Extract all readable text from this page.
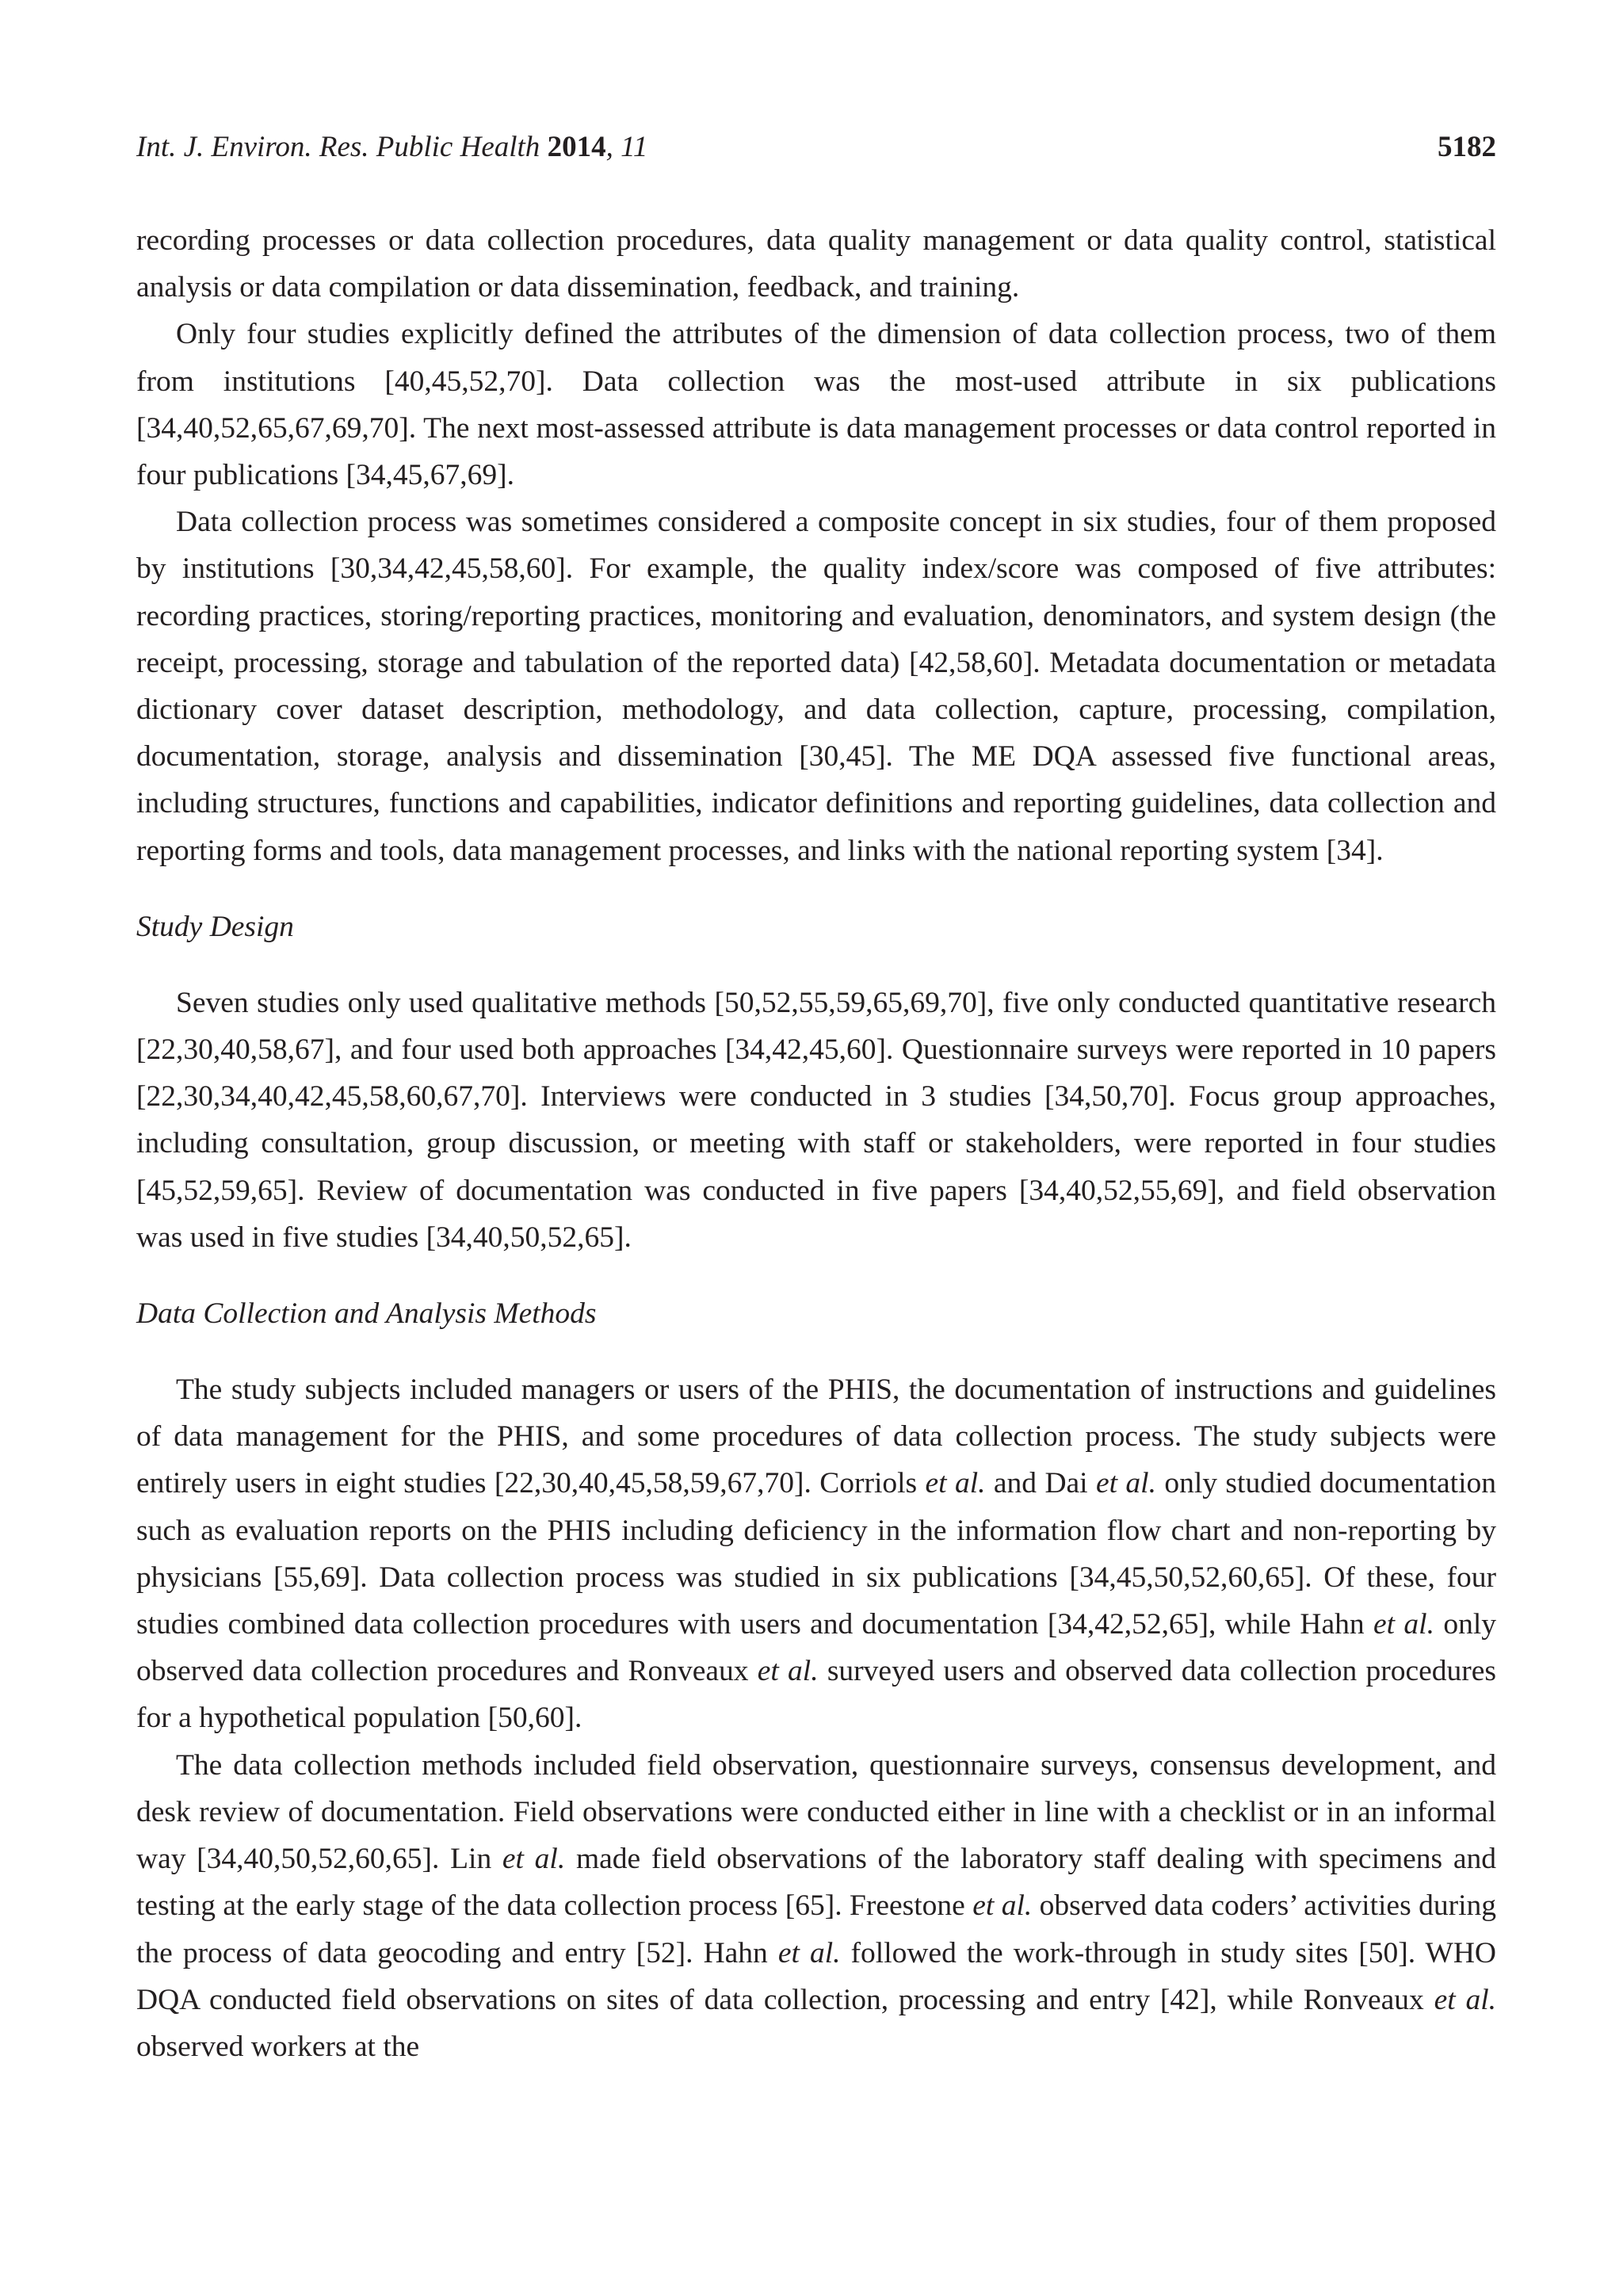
Int. J. Environ. Res. Public Health 2014, 11	5182

recording processes or data collection procedures, data quality management or data quality control, statistical analysis or data compilation or data dissemination, feedback, and training.

Only four studies explicitly defined the attributes of the dimension of data collection process, two of them from institutions [40,45,52,70]. Data collection was the most-used attribute in six publications [34,40,52,65,67,69,70]. The next most-assessed attribute is data management processes or data control reported in four publications [34,45,67,69].

Data collection process was sometimes considered a composite concept in six studies, four of them proposed by institutions [30,34,42,45,58,60]. For example, the quality index/score was composed of five attributes: recording practices, storing/reporting practices, monitoring and evaluation, denominators, and system design (the receipt, processing, storage and tabulation of the reported data) [42,58,60]. Metadata documentation or metadata dictionary cover dataset description, methodology, and data collection, capture, processing, compilation, documentation, storage, analysis and dissemination [30,45]. The ME DQA assessed five functional areas, including structures, functions and capabilities, indicator definitions and reporting guidelines, data collection and reporting forms and tools, data management processes, and links with the national reporting system [34].

Study Design

Seven studies only used qualitative methods [50,52,55,59,65,69,70], five only conducted quantitative research [22,30,40,58,67], and four used both approaches [34,42,45,60]. Questionnaire surveys were reported in 10 papers [22,30,34,40,42,45,58,60,67,70]. Interviews were conducted in 3 studies [34,50,70]. Focus group approaches, including consultation, group discussion, or meeting with staff or stakeholders, were reported in four studies [45,52,59,65]. Review of documentation was conducted in five papers [34,40,52,55,69], and field observation was used in five studies [34,40,50,52,65].

Data Collection and Analysis Methods

The study subjects included managers or users of the PHIS, the documentation of instructions and guidelines of data management for the PHIS, and some procedures of data collection process. The study subjects were entirely users in eight studies [22,30,40,45,58,59,67,70]. Corriols et al. and Dai et al. only studied documentation such as evaluation reports on the PHIS including deficiency in the information flow chart and non-reporting by physicians [55,69]. Data collection process was studied in six publications [34,45,50,52,60,65]. Of these, four studies combined data collection procedures with users and documentation [34,42,52,65], while Hahn et al. only observed data collection procedures and Ronveaux et al. surveyed users and observed data collection procedures for a hypothetical population [50,60].

The data collection methods included field observation, questionnaire surveys, consensus development, and desk review of documentation. Field observations were conducted either in line with a checklist or in an informal way [34,40,50,52,60,65]. Lin et al. made field observations of the laboratory staff dealing with specimens and testing at the early stage of the data collection process [65]. Freestone et al. observed data coders’ activities during the process of data geocoding and entry [52]. Hahn et al. followed the work-through in study sites [50]. WHO DQA conducted field observations on sites of data collection, processing and entry [42], while Ronveaux et al. observed workers at the
